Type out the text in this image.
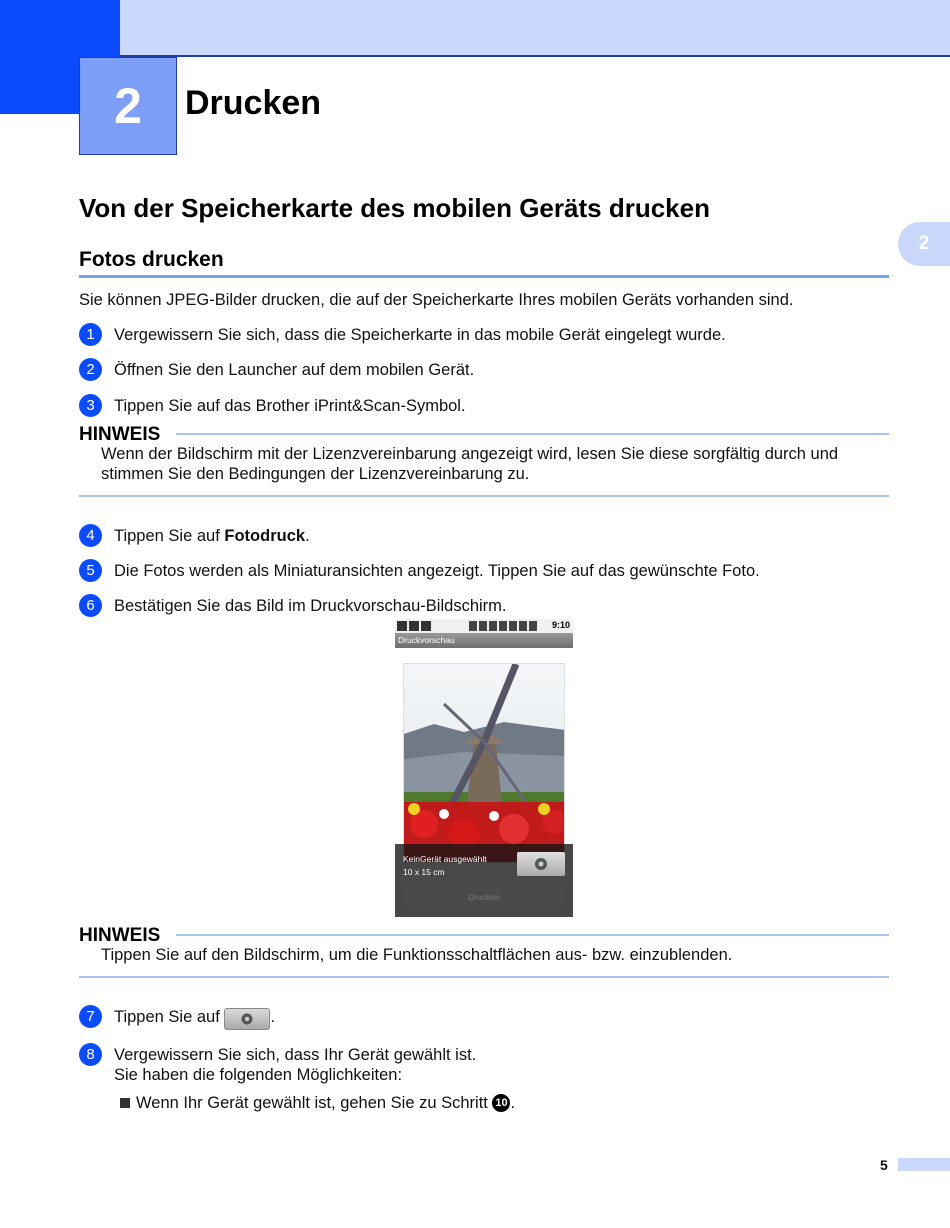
2	Drucken
2
Von der Speicherkarte des mobilen Geräts drucken
Fotos drucken
Sie können JPEG-Bilder drucken, die auf der Speicherkarte Ihres mobilen Geräts vorhanden sind.
1	Vergewissern Sie sich, dass die Speicherkarte in das mobile Gerät eingelegt wurde.
2	Öffnen Sie den Launcher auf dem mobilen Gerät.
3	Tippen Sie auf das Brother iPrint&Scan-Symbol.
HINWEIS
Wenn der Bildschirm mit der Lizenzvereinbarung angezeigt wird, lesen Sie diese sorgfältig durch und stimmen Sie den Bedingungen der Lizenzvereinbarung zu.
4	Tippen Sie auf Fotodruck.
5	Die Fotos werden als Miniaturansichten angezeigt. Tippen Sie auf das gewünschte Foto.
6	Bestätigen Sie das Bild im Druckvorschau-Bildschirm.
9:10
Druckvorschau
KeinGerät ausgewählt
10 x 15 cm
Drucken
HINWEIS
Tippen Sie auf den Bildschirm, um die Funktionsschaltflächen aus- bzw. einzublenden.
7	Tippen Sie auf	.
8	Vergewissern Sie sich, dass Ihr Gerät gewählt ist.
Sie haben die folgenden Möglichkeiten:
Wenn Ihr Gerät gewählt ist, gehen Sie zu Schritt
10 .
5
